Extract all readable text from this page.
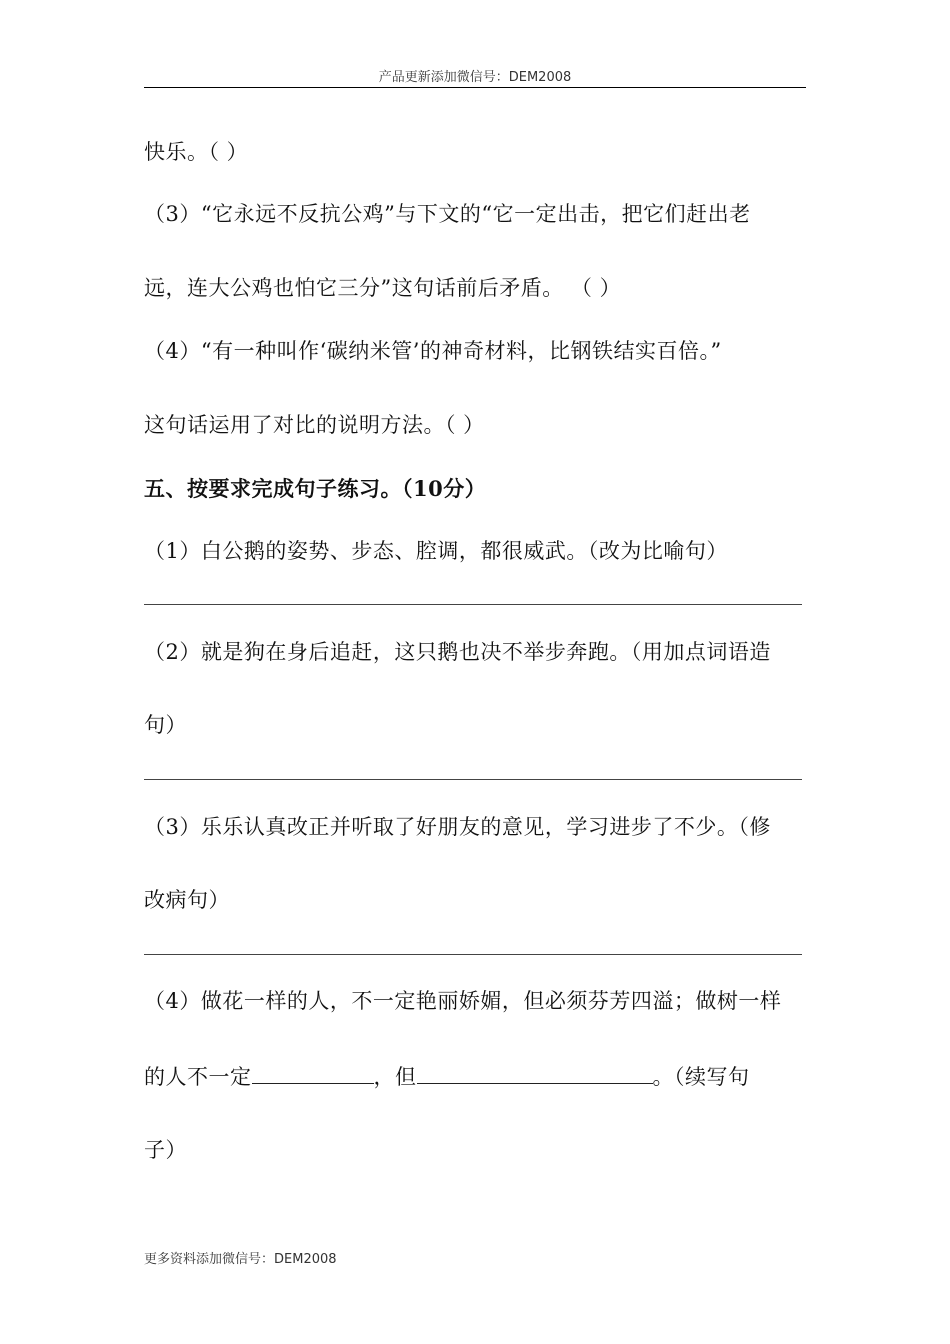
产品更新添加微信号：DEM2008
快乐。（ ）
（3）“它永远不反抗公鸡”与下文的“它一定出击，把它们赶出老
远，连大公鸡也怕它三分”这句话前后矛盾。 （ ）
（4）“有一种叫作‘碳纳米管’的神奇材料，比钢铁结实百倍。”
这句话运用了对比的说明方法。（ ）
五、按要求完成句子练习。（10分）
（1）白公鹅的姿势、步态、腔调，都很威武。（改为比喻句）
（2）就是狗在身后追赶，这只鹅也决不举步奔跑。（用加点词语造
句）
（3）乐乐认真改正并听取了好朋友的意见，学习进步了不少。（修
改病句）
（4）做花一样的人，不一定艳丽娇媚，但必须芬芳四溢；做树一样
的人不一定	，但	。（续写句
子）
更多资料添加微信号：DEM2008
